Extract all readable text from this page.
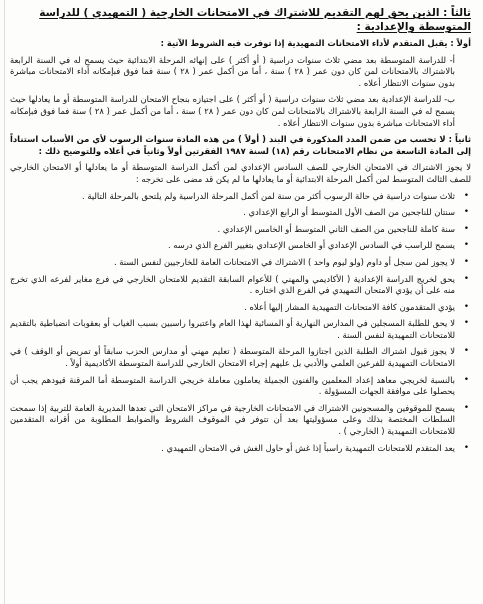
ثالثاً : الذين يحق لهم التقديم للاشتراك في الامتحانات الخارجية ( التمهيدي ) للدراسة المتوسطة والإعدادية :
أولاً : يقبل المتقدم لأداء الامتحانات التمهيدية إذا توفرت فيه الشروط الآتية :
أ- للدراسة المتوسطة بعد مضي ثلاث سنوات دراسية ( أو أكثر ) على إنهائه المرحلة الابتدائية حيث يسمح له في السنة الرابعة بالاشتراك بالامتحانات لمن كان دون عمر ( ٢٨ ) سنة ، أما من أكمل عمر ( ٢٨ ) سنة فما فوق فبإمكانه أداء الامتحانات مباشرة بدون سنوات الانتظار أعلاه .
ب- للدراسة الإعدادية بعد مضي ثلاث سنوات دراسية ( أو أكثر ) على اجتيازه بنجاح الامتحان للدراسة المتوسطة أو ما يعادلها حيث يسمح له في السنة الرابعة بالاشتراك بالامتحانات لمن كان دون عمر ( ٢٨ ) سنة ، أما من أكمل عمر ( ٢٨ ) سنة فما فوق فبإمكانه أداء الامتحانات مباشرة بدون سنوات الانتظار أعلاه .
ثانياً : لا تحسب من ضمن المدد المذكورة في البند ( أولاً ) من هذه المادة سنوات الرسوب لأي من الأسباب استناداً إلى المادة التاسعة من نظام الامتحانات رقم (١٨) لسنة ١٩٨٧ الفقرتين أولاً وثانياً في أعلاه وللتوضيح ذلك :
لا يجوز الاشتراك في الامتحان الخارجي للصف السادس الإعدادي لمن أكمل الدراسة المتوسطة أو ما يعادلها أو الامتحان الخارجي للصف الثالث المتوسط لمن أكمل المرحلة الابتدائية أو ما يعادلها ما لم يكن قد مضى على تخرجه :
•
ثلاث سنوات دراسية في حالة الرسوب أكثر من سنة لمن أكمل المرحلة الدراسية ولم يلتحق بالمرحلة التالية .
•
سنتان للناجحين من الصف الأول المتوسط أو الرابع الإعدادي .
•
سنة كاملة للناجحين من الصف الثاني المتوسط أو الخامس الإعدادي .
•
يسمح للراسب في السادس الإعدادي أو الخامس الإعدادي بتغيير الفرع الذي درسه .
•
لا يجوز لمن سجل أو داوم (ولو ليوم واحد ) الاشتراك في الامتحانات العامة للخارجيين لنفس السنة .
•
يحق لخريج الدراسة الإعدادية ( الأكاديمي والمهني ) للأعوام السابقة التقديم للامتحان الخارجي في فرع مغاير لفرعه الذي تخرج منه على أن يؤدي الامتحان التمهيدي في الفرع الذي اختاره .
•
يؤدي المتقدمون كافة الامتحانات التمهيدية المشار إليها أعلاه .
•
لا يحق للطلبة المسجلين في المدارس النهارية أو المسائية لهذا العام واعتبروا راسبين بسبب الغياب أو بعقوبات انضباطية بالتقديم للامتحانات التمهيدية لنفس السنة .
•
لا يجوز قبول اشتراك الطلبة الذين اجتازوا المرحلة المتوسطة ( تعليم مهني أو مدارس الحزب سابقاً أو تمريض أو الوقف ) في الامتحانات التمهيدية للفرعين العلمي والأدبي بل عليهم إجراء الامتحان الخارجي للدراسة المتوسطة الأكاديمية أولاً .
•
بالنسبة لخريجي معاهد إعداد المعلمين والفنون الجميلة يعاملون معاملة خريجي الدراسة المتوسطة أما المرقنة قيودهم يجب أن يحصلوا على موافقة الجهات المسؤولة .
•
يسمح للموقوفين والمسجونين الاشتراك في الامتحانات الخارجية في مراكز الامتحان التي تعدها المديرية العامة للتربية إذا سمحت السلطات المختصة بذلك وعلى مسؤوليتها بعد أن تتوفر في الموقوف الشروط والضوابط المطلوبة من أقرانه المتقدمين للامتحانات التمهيدية ( الخارجي ) .
•
يعد المتقدم للامتحانات التمهيدية راسباً إذا غش أو حاول الغش في الامتحان التمهيدي .
